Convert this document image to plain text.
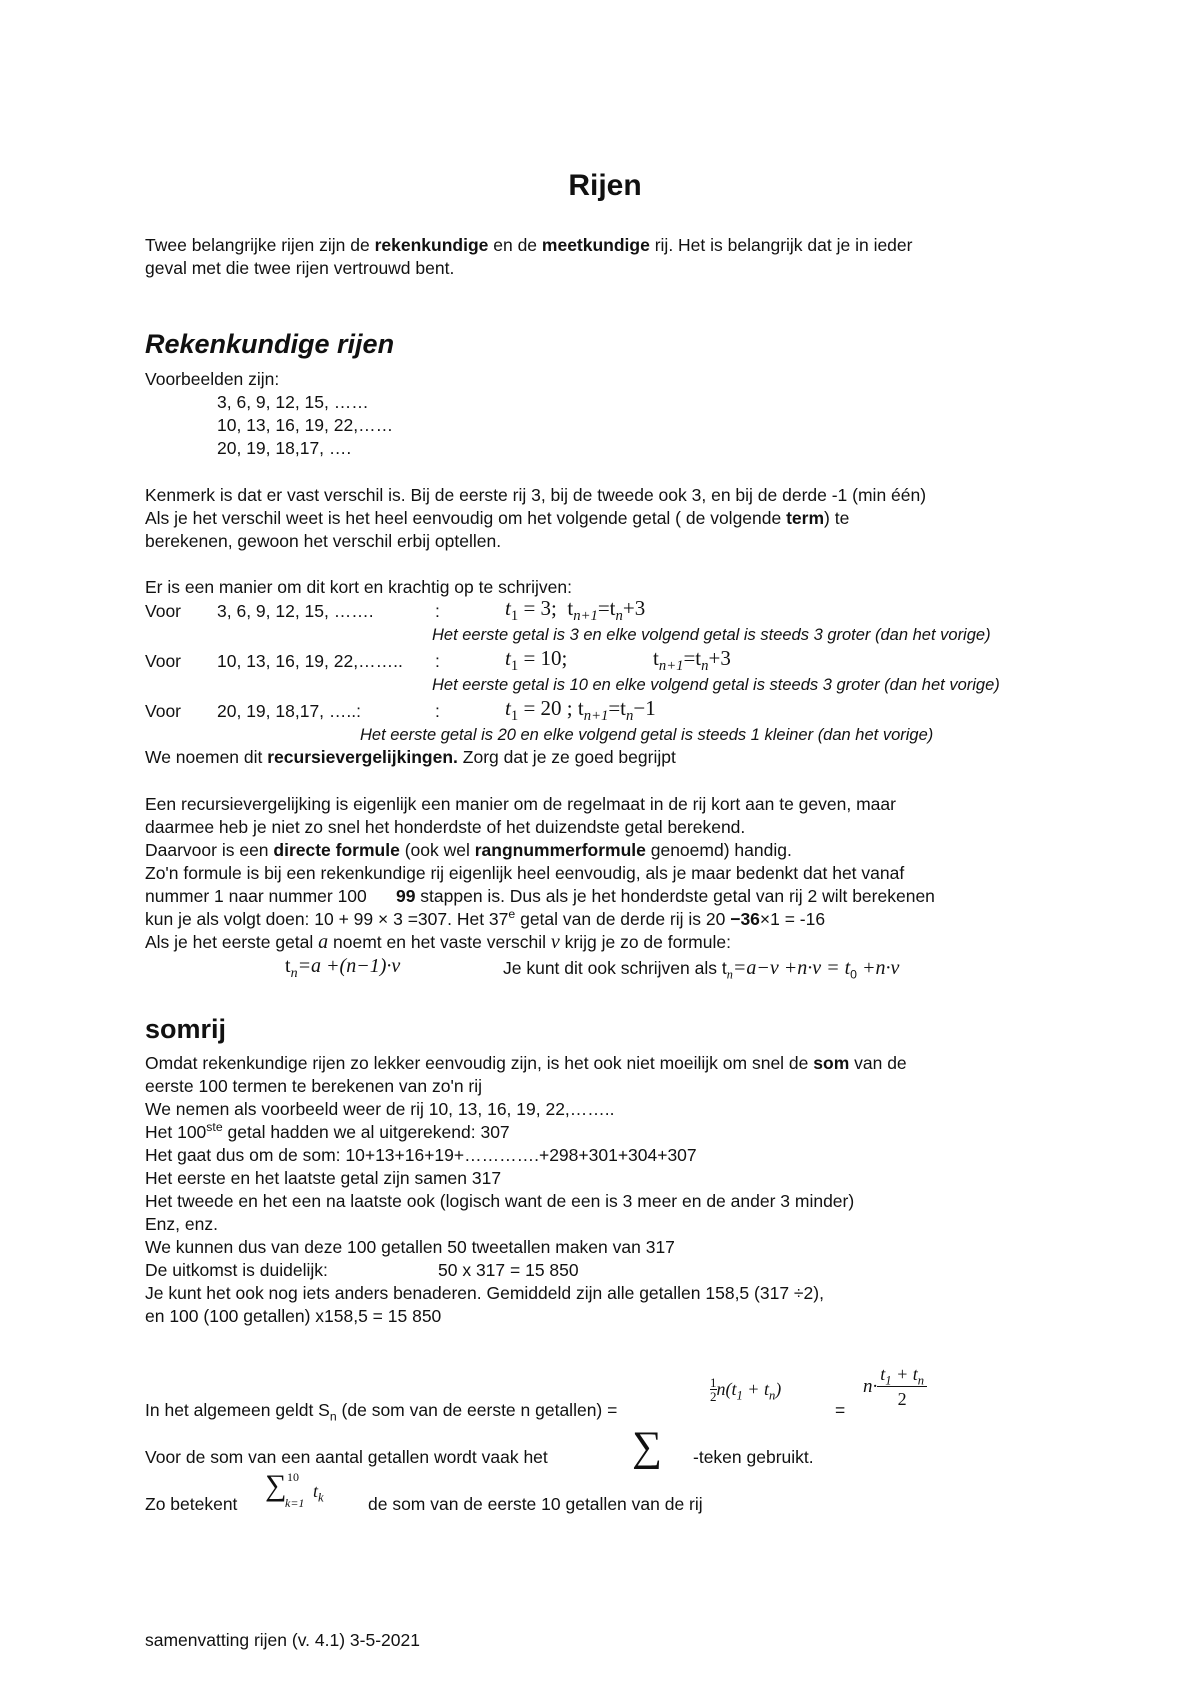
Rijen
Twee belangrijke rijen zijn de rekenkundige en de meetkundige rij. Het is belangrijk dat je in ieder
geval met die twee rijen vertrouwd bent.
Rekenkundige rijen
Voorbeelden zijn:
3, 6, 9, 12, 15, ……
10, 13, 16, 19, 22,……
20, 19, 18,17, ….
Kenmerk is dat er vast verschil is. Bij de eerste rij 3, bij de tweede ook 3, en bij de derde -1 (min één)
Als je het verschil weet is het heel eenvoudig om het volgende getal ( de volgende term) te
berekenen, gewoon het verschil erbij optellen.
Er is een manier om dit kort en krachtig op te schrijven:
Voor 3, 6, 9, 12, 15, …….	:	$t_1 = 3$; $t_{n+1}=t_n+3$
Het eerste getal is 3 en elke volgend getal is steeds 3 groter (dan het vorige)
Voor 10, 13, 16, 19, 22,…….. :	$t_1 = 10$;	$t_{n+1}=t_n+3$
Het eerste getal is 10 en elke volgend getal is steeds 3 groter (dan het vorige)
Voor 20, 19, 18,17, …..:	:	$t_1 = 20$ ; $t_{n+1}=t_n-1$
Het eerste getal is 20 en elke volgend getal is steeds 1 kleiner (dan het vorige)
We noemen dit recursievergelijkingen. Zorg dat je ze goed begrijpt
Een recursievergelijking is eigenlijk een manier om de regelmaat in de rij kort aan te geven, maar
daarmee heb je niet zo snel het honderdste of het duizendste getal berekend.
Daarvoor is een directe formule (ook wel rangnummerformule genoemd) handig.
Zo'n formule is bij een rekenkundige rij eigenlijk heel eenvoudig, als je maar bedenkt dat het vanaf
nummer 1 naar nummer 100 99 stappen is. Dus als je het honderdste getal van rij 2 wilt berekenen
kun je als volgt doen: 10 + 99 × 3 =307. Het 37e getal van de derde rij is 20 −36×1 = -16
Als je het eerste getal a noemt en het vaste verschil v krijg je zo de formule:
$t_n=a +(n-1)\cdot v$	Je kunt dit ook schrijven als $t_n=a-v +n\cdot v = t_0 +n\cdot v$
somrij
Omdat rekenkundige rijen zo lekker eenvoudig zijn, is het ook niet moeilijk om snel de som van de
eerste 100 termen te berekenen van zo'n rij
We nemen als voorbeeld weer de rij 10, 13, 16, 19, 22,……..
Het 100ste getal hadden we al uitgerekend: 307
Het gaat dus om de som: 10+13+16+19+………….+298+301+304+307
Het eerste en het laatste getal zijn samen 317
Het tweede en het een na laatste ook (logisch want de een is 3 meer en de ander 3 minder)
Enz, enz.
We kunnen dus van deze 100 getallen 50 tweetallen maken van 317
De uitkomst is duidelijk:	50 x 317 = 15 850
Je kunt het ook nog iets anders benaderen. Gemiddeld zijn alle getallen 158,5 (317 ÷2),
en 100 (100 getallen) x158,5 = 15 850
In het algemeen geldt $S_n$ (de som van de eerste n getallen) =
$\frac{1}{2} n(t_1 + t_n)$
=
$n\cdot \frac{t_1 + t_n}{2}$
Voor de som van een aantal getallen wordt vaak het ∑ -teken gebruikt.
Zo betekent
10
∑
k=1
$t_k$	de som van de eerste 10 getallen van de rij
samenvatting rijen (v. 4.1) 3-5-2021
